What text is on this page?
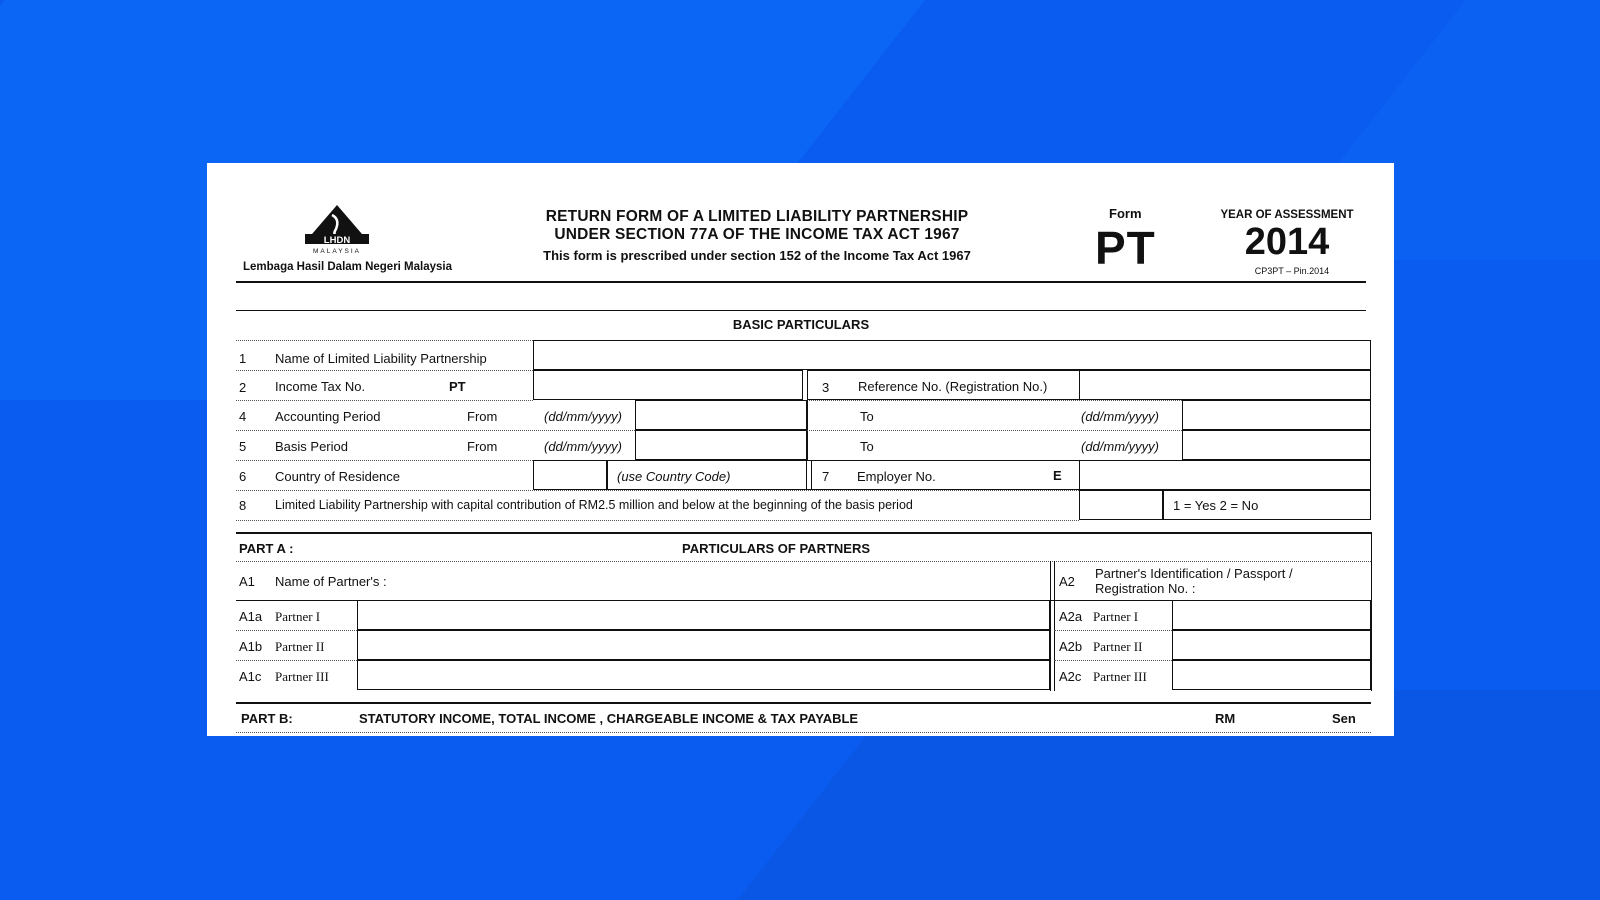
LHDN
MALAYSIA
Lembaga Hasil Dalam Negeri Malaysia
RETURN FORM OF A LIMITED LIABILITY PARTNERSHIP
UNDER SECTION 77A OF THE INCOME TAX ACT 1967
This form is prescribed under section 152 of the Income Tax Act 1967
Form
PT
YEAR OF ASSESSMENT
2014
CP3PT – Pin.2014
BASIC PARTICULARS
1 Name of Limited Liability Partnership
2 Income Tax No.	PT	3 Reference No. (Registration No.)
4 Accounting Period	From	(dd/mm/yyyy)	To	(dd/mm/yyyy)
5 Basis Period	From	(dd/mm/yyyy)	To	(dd/mm/yyyy)
6 Country of Residence	(use Country Code)	7 Employer No.	E
8 Limited Liability Partnership with capital contribution of RM2.5 million and below at the beginning of the basis period	1 = Yes 2 = No
PART A :	PARTICULARS OF PARTNERS
A1 Name of Partner's :	A2
Partner's Identification / Passport /
Registration No. :
A1a Partner I	A2a Partner I
A1b Partner II	A2b Partner II
A1c Partner III	A2c Partner III
PART B:	STATUTORY INCOME, TOTAL INCOME , CHARGEABLE INCOME & TAX PAYABLE	RM	Sen
